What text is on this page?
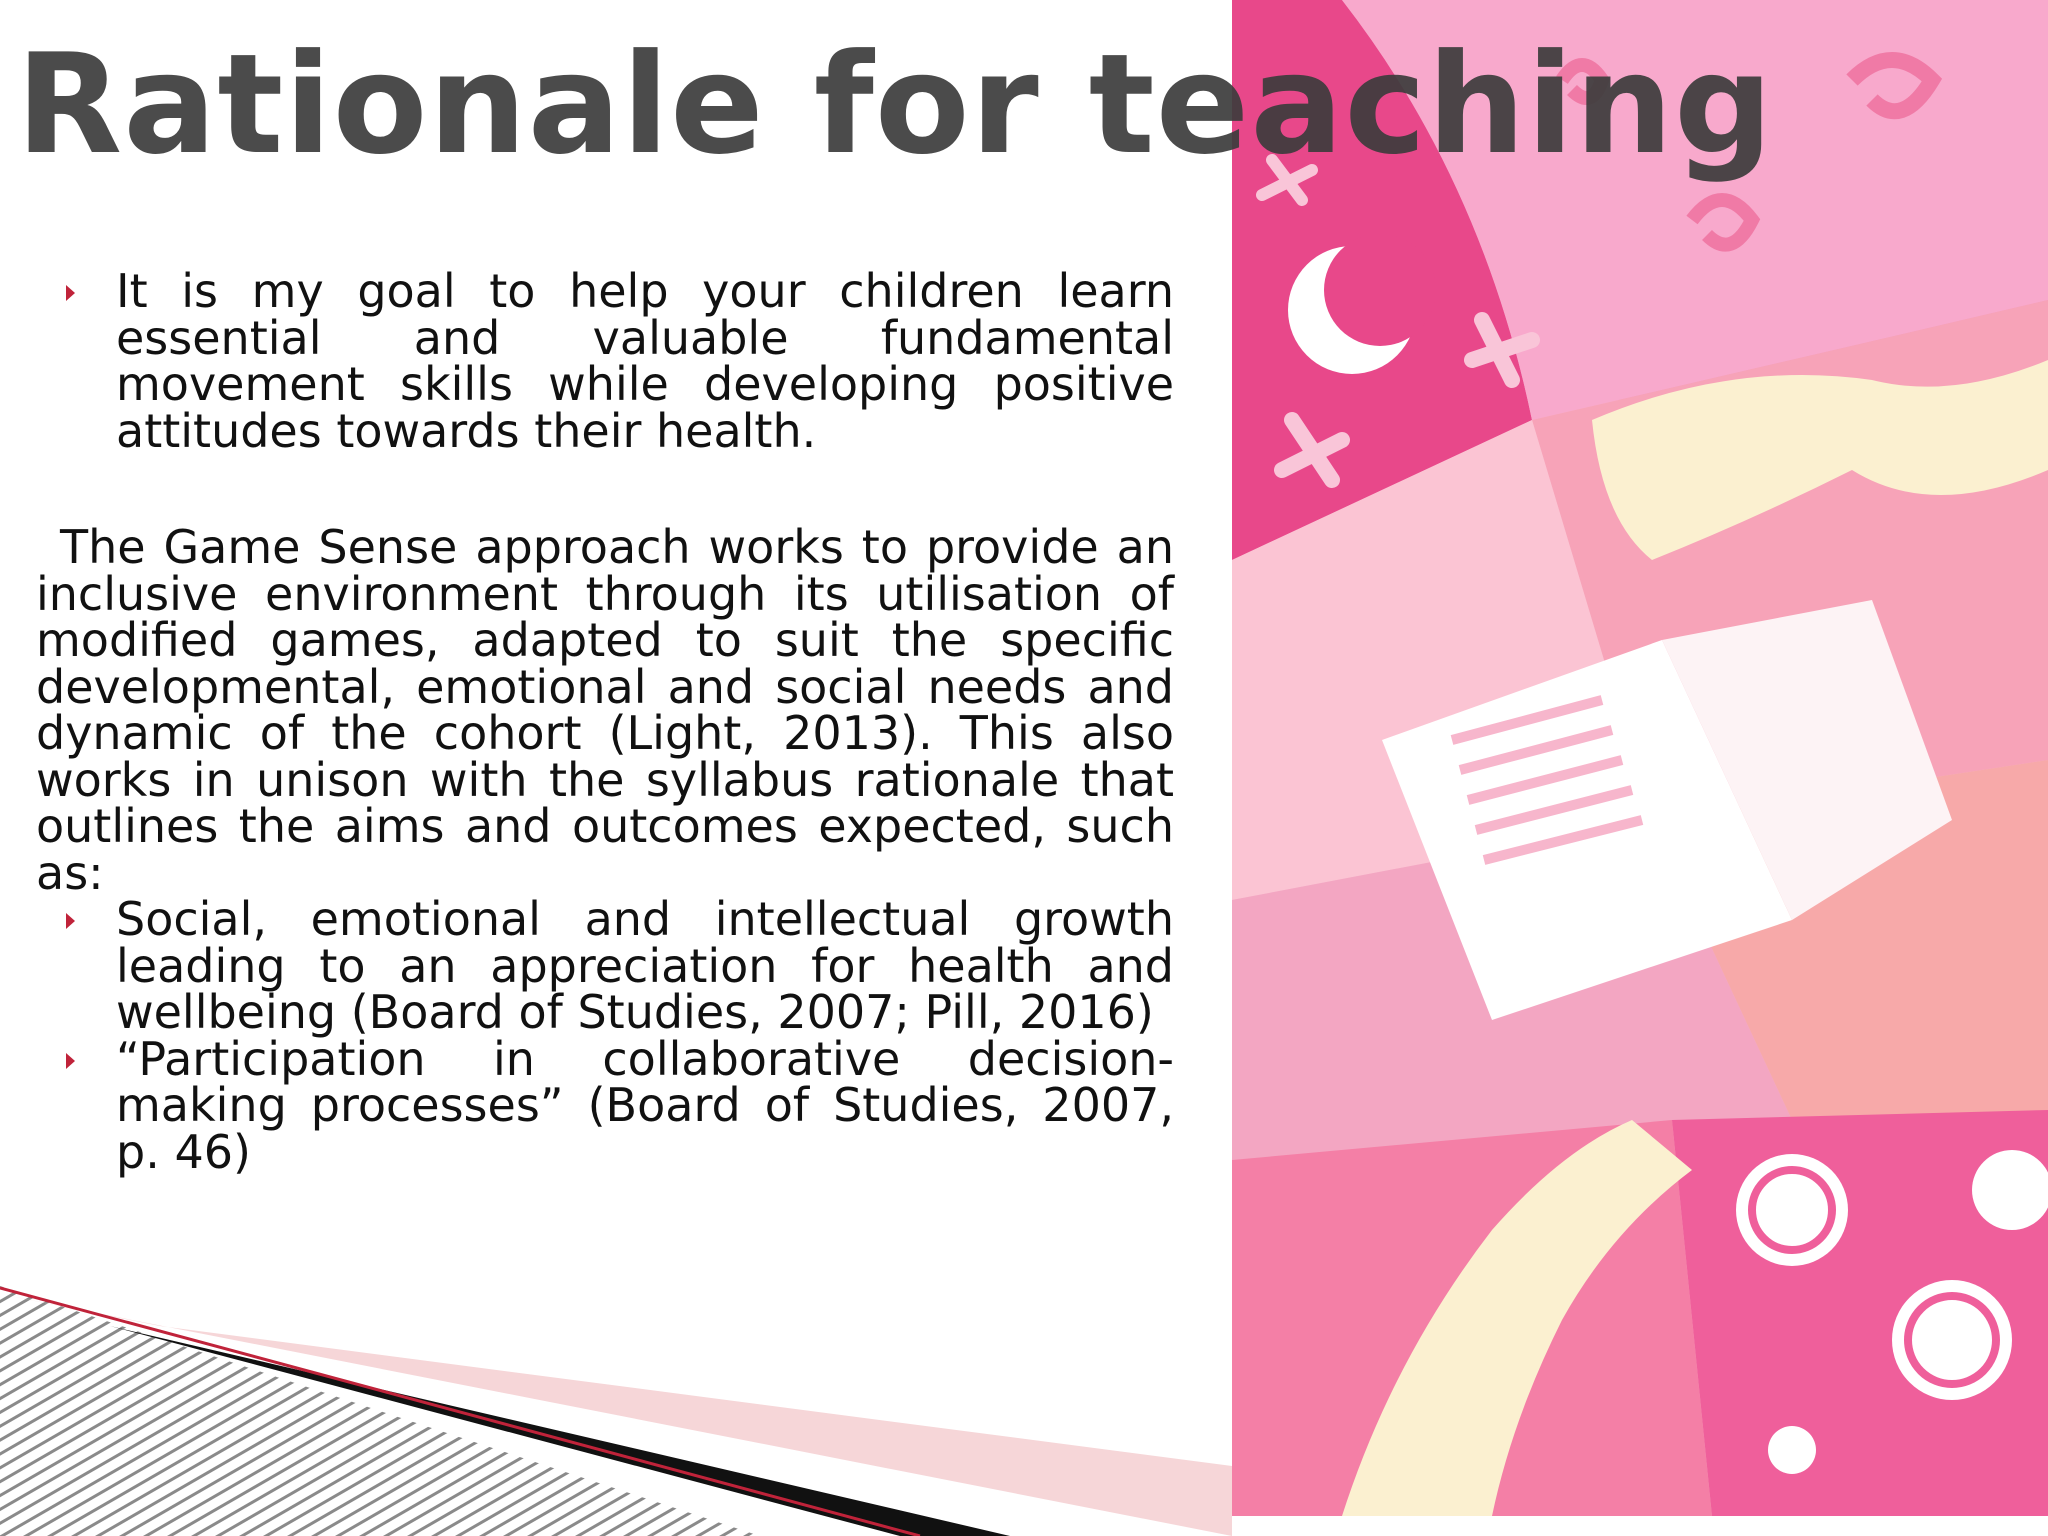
Rationale for teaching
It is my goal to help your children learn essential and valuable fundamental movement skills while developing positive attitudes towards their health.
The Game Sense approach works to provide an inclusive environment through its utilisation of modified games, adapted to suit the specific developmental, emotional and social needs and dynamic of the cohort (Light, 2013). This also works in unison with the syllabus rationale that outlines the aims and outcomes expected, such as:
Social, emotional and intellectual growth leading to an appreciation for health and wellbeing (Board of Studies, 2007; Pill, 2016)
“Participation in collaborative decision-making processes” (Board of Studies, 2007, p. 46)
